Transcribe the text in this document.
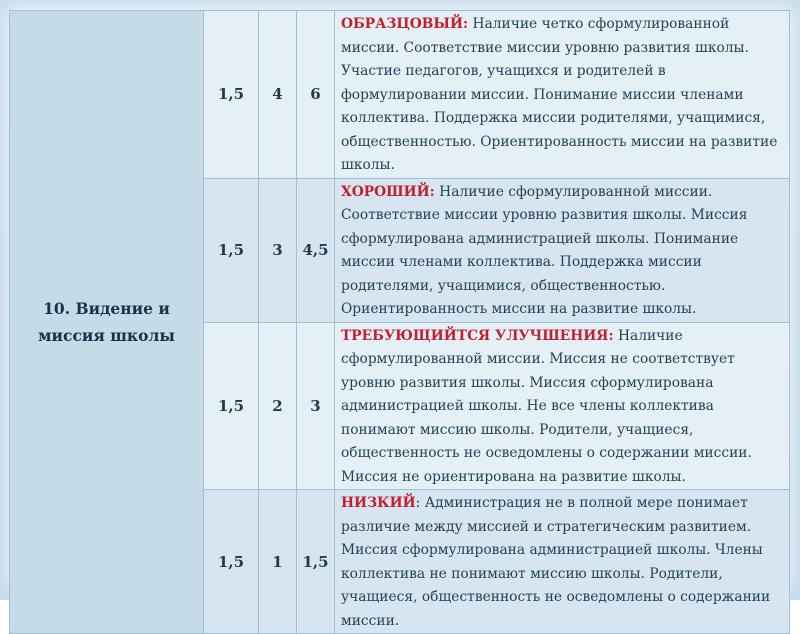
10. Видение и миссия школы	1,5	4	6	ОБРАЗЦОВЫЙ: Наличие четко сформулированной миссии. Соответствие миссии уровню развития школы. Участие педагогов, учащихся и родителей в формулировании миссии. Понимание миссии членами коллектива. Поддержка миссии родителями, учащимися, общественностью. Ориентированность миссии на развитие школы.
	1,5	3	4,5	ХОРОШИЙ: Наличие сформулированной миссии. Соответствие миссии уровню развития школы. Миссия сформулирована администрацией школы. Понимание миссии членами коллектива. Поддержка миссии родителями, учащимися, общественностью. Ориентированность миссии на развитие школы.
	1,5	2	3	ТРЕБУЮЩИЙТСЯ УЛУЧШЕНИЯ: Наличие сформулированной миссии. Миссия не соответствует уровню развития школы. Миссия сформулирована администрацией школы. Не все члены коллектива понимают миссию школы. Родители, учащиеся, общественность не осведомлены о содержании миссии. Миссия не ориентирована на развитие школы.
	1,5	1	1,5	НИЗКИЙ: Администрация не в полной мере понимает различие между миссией и стратегическим развитием. Миссия сформулирована администрацией школы. Члены коллектива не понимают миссию школы. Родители, учащиеся, общественность не осведомлены о содержании миссии.
